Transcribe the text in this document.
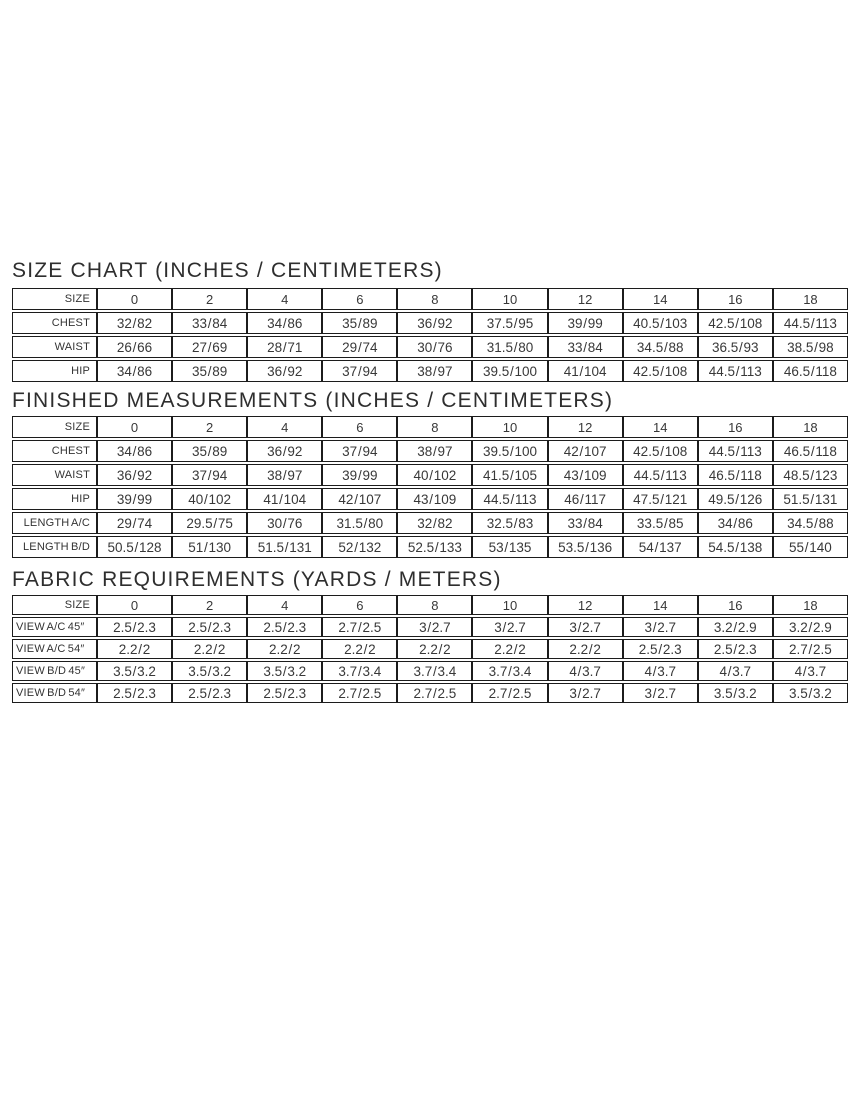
SIZE CHART (INCHES / CENTIMETERS)
SIZE	0	2	4	6	8	10	12	14	16	18
CHEST	32 / 82	33 / 84	34 / 86	35 / 89	36 / 92	37.5 / 95	39 / 99	40.5 / 103	42.5 / 108	44.5 / 113
WAIST	26 / 66	27 / 69	28 / 71	29 / 74	30 / 76	31.5 / 80	33 / 84	34.5 / 88	36.5 / 93	38.5 / 98
HIP	34 / 86	35 / 89	36 / 92	37 / 94	38 / 97	39.5 / 100	41 / 104	42.5 / 108	44.5 / 113	46.5 / 118
FINISHED MEASUREMENTS (INCHES / CENTIMETERS)
SIZE	0	2	4	6	8	10	12	14	16	18
CHEST	34 / 86	35 / 89	36 / 92	37 / 94	38 / 97	39.5 / 100	42 / 107	42.5 / 108	44.5 / 113	46.5 / 118
WAIST	36 / 92	37 / 94	38 / 97	39 / 99	40 / 102	41.5 / 105	43 / 109	44.5 / 113	46.5 / 118	48.5 / 123
HIP	39 / 99	40 / 102	41 / 104	42 / 107	43 / 109	44.5 / 113	46 / 117	47.5 / 121	49.5 / 126	51.5 / 131
LENGTH A/C	29 / 74	29.5 / 75	30 / 76	31.5 / 80	32 / 82	32.5 / 83	33 / 84	33.5 / 85	34 / 86	34.5 / 88
LENGTH B/D	50.5 / 128	51 / 130	51.5 / 131	52 / 132	52.5 / 133	53 / 135	53.5 / 136	54 / 137	54.5 / 138	55 / 140
FABRIC REQUIREMENTS (YARDS / METERS)
SIZE	0	2	4	6	8	10	12	14	16	18
VIEW A/C 45″	2.5 / 2.3	2.5 / 2.3	2.5 / 2.3	2.7 / 2.5	3 / 2.7	3 / 2.7	3 / 2.7	3 / 2.7	3.2 / 2.9	3.2 / 2.9
VIEW A/C 54″	2.2 / 2	2.2 / 2	2.2 / 2	2.2 / 2	2.2 / 2	2.2 / 2	2.2 / 2	2.5 / 2.3	2.5 / 2.3	2.7 / 2.5
VIEW B/D 45″	3.5 / 3.2	3.5 / 3.2	3.5 / 3.2	3.7 / 3.4	3.7 / 3.4	3.7 / 3.4	4 / 3.7	4 / 3.7	4 / 3.7	4 / 3.7
VIEW B/D 54″	2.5 / 2.3	2.5 / 2.3	2.5 / 2.3	2.7 / 2.5	2.7 / 2.5	2.7 / 2.5	3 / 2.7	3 / 2.7	3.5 / 3.2	3.5 / 3.2
